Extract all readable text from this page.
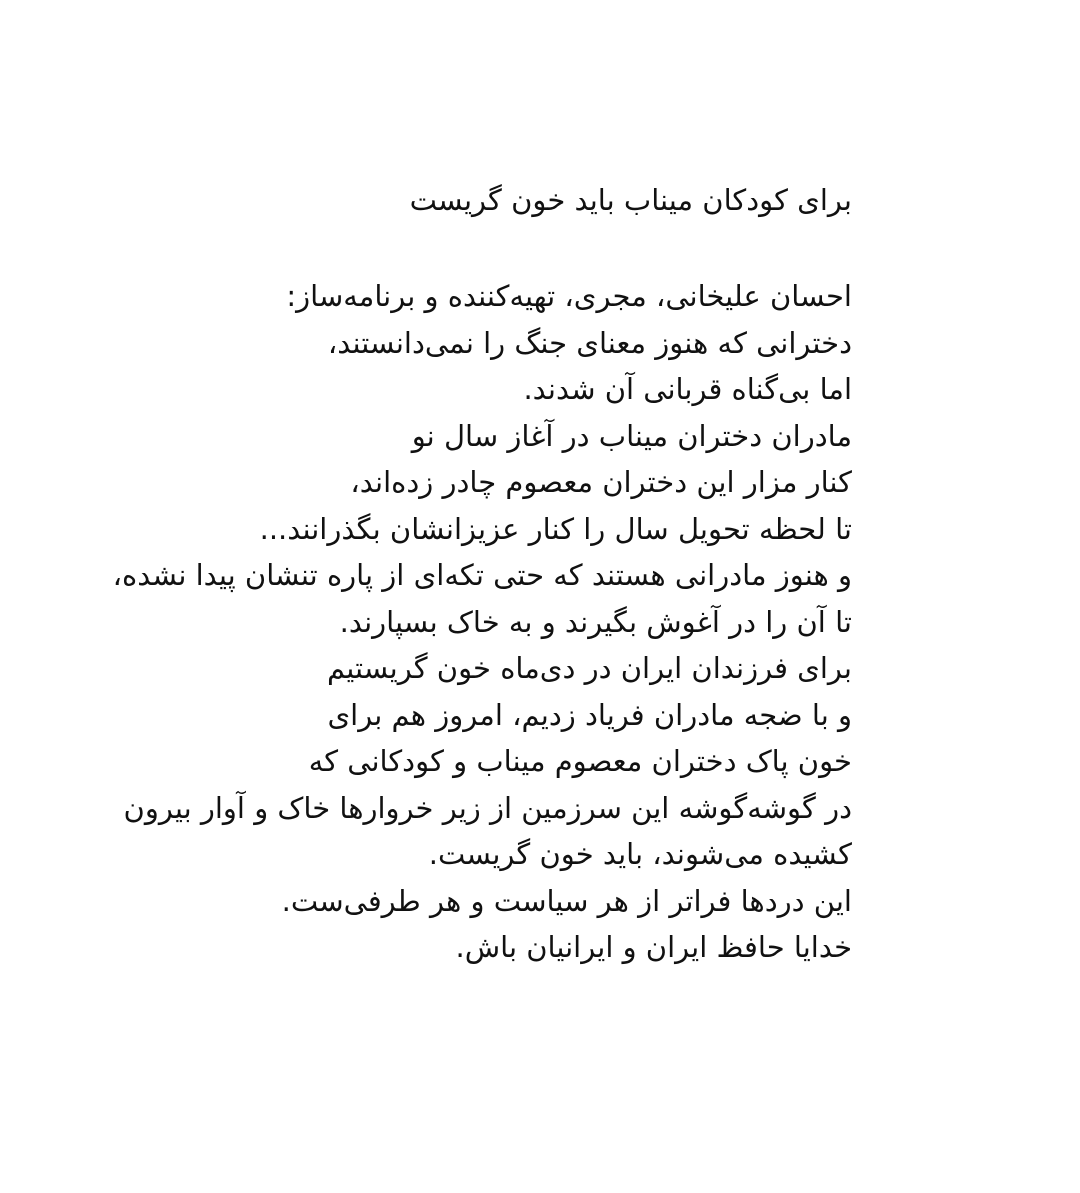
برای کودکان میناب باید خون گریست
احسان علیخانی، مجری، تهیه‌کننده و برنامه‌ساز:
دخترانی که هنوز معنای جنگ را نمی‌دانستند،
اما بی‌گناه قربانی آن شدند.
مادران دختران میناب در آغاز سال نو
کنار مزار این دختران معصوم چادر زده‌اند،
تا لحظه تحویل سال را کنار عزیزانشان بگذرانند...
و هنوز مادرانی هستند که حتی تکه‌ای از پاره تنشان پیدا نشده،
تا آن را در آغوش بگیرند و به خاک بسپارند.
برای فرزندان ایران در دی‌ماه خون گریستیم
و با ضجه مادران فریاد زدیم، امروز هم برای
خون پاک دختران معصوم میناب و کودکانی که
در گوشه‌گوشه این سرزمین از زیر خروارها خاک و آوار بیرون
کشیده می‌شوند، باید خون گریست.
این دردها فراتر از هر سیاست و هر طرفی‌ست.
خدایا حافظ ایران و ایرانیان باش.
